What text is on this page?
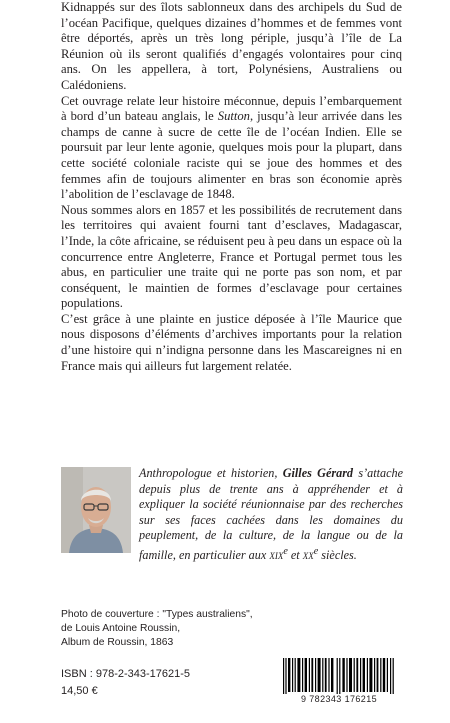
Kidnappés sur des îlots sablonneux dans des archipels du Sud de l’océan Pacifique, quelques dizaines d’hommes et de femmes vont être déportés, après un très long périple, jusqu’à l’île de La Réunion où ils seront qualifiés d’engagés volontaires pour cinq ans. On les appellera, à tort, Polynésiens, Australiens ou Calédoniens.

Cet ouvrage relate leur histoire méconnue, depuis l’embarquement à bord d’un bateau anglais, le Sutton, jusqu’à leur arrivée dans les champs de canne à sucre de cette île de l’océan Indien. Elle se poursuit par leur lente agonie, quelques mois pour la plupart, dans cette société coloniale raciste qui se joue des hommes et des femmes afin de toujours alimenter en bras son économie après l’abolition de l’esclavage de 1848.

Nous sommes alors en 1857 et les possibilités de recrutement dans les territoires qui avaient fourni tant d’esclaves, Madagascar, l’Inde, la côte africaine, se réduisent peu à peu dans un espace où la concurrence entre Angleterre, France et Portugal permet tous les abus, en particulier une traite qui ne porte pas son nom, et par conséquent, le maintien de formes d’esclavage pour certaines populations.

C’est grâce à une plainte en justice déposée à l’île Maurice que nous disposons d’éléments d’archives importants pour la relation d’une histoire qui n’indigna personne dans les Mascareignes ni en France mais qui ailleurs fut largement relatée.

Anthropologue et historien, Gilles Gérard s’attache depuis plus de trente ans à appréhender et à expliquer la société réunionnaise par des recherches sur ses faces cachées dans les domaines du peuplement, de la culture, de la langue ou de la famille, en particulier aux xix$^e$ et $xx^e$ siècles.

Photo de couverture : "Types australiens",
de Louis Antoine Roussin,
Album de Roussin, 1863
ISBN : 978-2-343-17621-5
14,50 €
9 782343 176215
